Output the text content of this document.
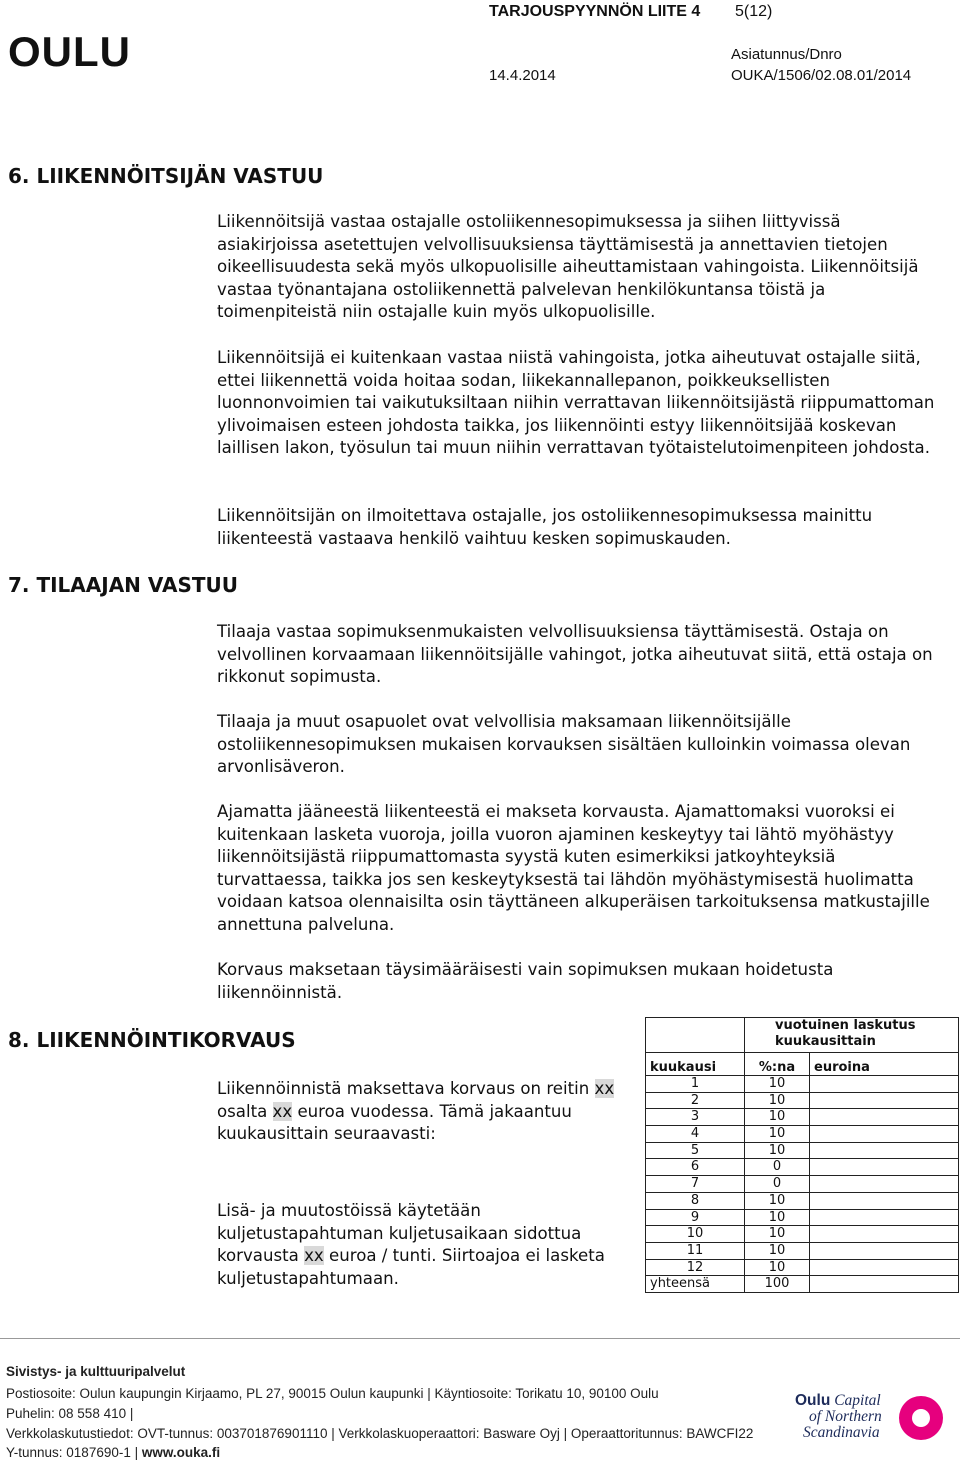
TARJOUSPYYNNÖN LIITE 4 5(12)
OULU
14.4.2014
Asiatunnus/Dnro
OUKA/1506/02.08.01/2014
6. LIIKENNÖITSIJÄN VASTUU
Liikennöitsijä vastaa ostajalle ostoliikennesopimuksessa ja siihen liittyvissä asiakirjoissa asetettujen velvollisuuksiensa täyttämisestä ja annettavien tietojen oikeellisuudesta sekä myös ulkopuolisille aiheuttamistaan vahingoista. Liikennöitsijä vastaa työnantajana ostoliikennettä palvelevan henkilökuntansa töistä ja toimenpiteistä niin ostajalle kuin myös ulkopuolisille.
Liikennöitsijä ei kuitenkaan vastaa niistä vahingoista, jotka aiheutuvat ostajalle siitä, ettei liikennettä voida hoitaa sodan, liikekannallepanon, poikkeuksellisten luonnonvoimien tai vaikutuksiltaan niihin verrattavan liikennöitsijästä riippumattoman ylivoimaisen esteen johdosta taikka, jos liikennöinti estyy liikennöitsijää koskevan laillisen lakon, työsulun tai muun niihin verrattavan työtaistelutoimenpiteen johdosta.
Liikennöitsijän on ilmoitettava ostajalle, jos ostoliikennesopimuksessa mainittu liikenteestä vastaava henkilö vaihtuu kesken sopimuskauden.
7. TILAAJAN VASTUU
Tilaaja vastaa sopimuksenmukaisten velvollisuuksiensa täyttämisestä. Ostaja on velvollinen korvaamaan liikennöitsijälle vahingot, jotka aiheutuvat siitä, että ostaja on rikkonut sopimusta.
Tilaaja ja muut osapuolet ovat velvollisia maksamaan liikennöitsijälle ostoliikennesopimuksen mukaisen korvauksen sisältäen kulloinkin voimassa olevan arvonlisäveron.
Ajamatta jääneestä liikenteestä ei makseta korvausta. Ajamattomaksi vuoroksi ei kuitenkaan lasketa vuoroja, joilla vuoron ajaminen keskeytyy tai lähtö myöhästyy liikennöitsijästä riippumattomasta syystä kuten esimerkiksi jatkoyhteyksiä turvattaessa, taikka jos sen keskeytyksestä tai lähdön myöhästymisestä huolimatta voidaan katsoa olennaisilta osin täyttäneen alkuperäisen tarkoituksensa matkustajille annettuna palveluna.
Korvaus maksetaan täysimääräisesti vain sopimuksen mukaan hoidetusta liikennöinnistä.
8. LIIKENNÖINTIKORVAUS
Liikennöinnistä maksettava korvaus on reitin xx osalta xx euroa vuodessa. Tämä jakaantuu kuukausittain seuraavasti:
Lisä- ja muutostöissä käytetään kuljetustapahtuman kuljetusaikaan sidottua korvausta xx euroa / tunti. Siirtoajoa ei lasketa kuljetustapahtumaan.
	vuotuinen laskutus kuukausittain	
kuukausi	%:na	euroina
1	10	
2	10	
3	10	
4	10	
5	10	
6	0	
7	0	
8	10	
9	10	
10	10	
11	10	
12	10	
yhteensä	100	
Sivistys- ja kulttuuripalvelut
Postiosoite: Oulun kaupungin Kirjaamo, PL 27, 90015 Oulun kaupunki | Käyntiosoite: Torikatu 10, 90100 Oulu
Puhelin: 08 558 410 |
Verkkolaskutustiedot: OVT-tunnus: 003701876901110 | Verkkolaskuoperaattori: Basware Oyj | Operaattoritunnus: BAWCFI22
Y-tunnus: 0187690-1 | www.ouka.fi
Oulu Capital
of Northern
Scandinavia
